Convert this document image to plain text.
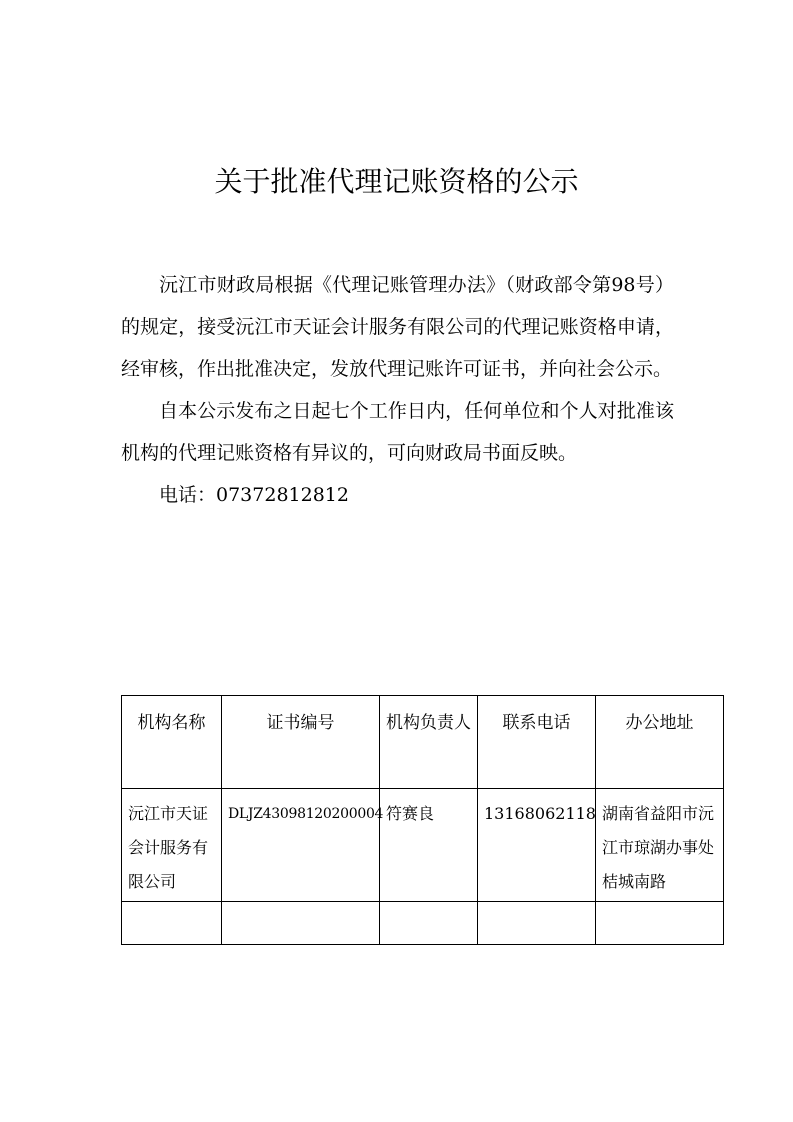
关于批准代理记账资格的公示

沅江市财政局根据《代理记账管理办法》（财政部令第98号）的规定，接受沅江市天证会计服务有限公司的代理记账资格申请，经审核，作出批准决定，发放代理记账许可证书，并向社会公示。

自本公示发布之日起七个工作日内，任何单位和个人对批准该机构的代理记账资格有异议的，可向财政局书面反映。

电话：07372812812

机构名称	证书编号	机构负责人	联系电话	办公地址
沅江市天证会计服务有限公司	DLJZ43098120200004	符赛良	13168062118	湖南省益阳市沅江市琼湖办事处桔城南路
